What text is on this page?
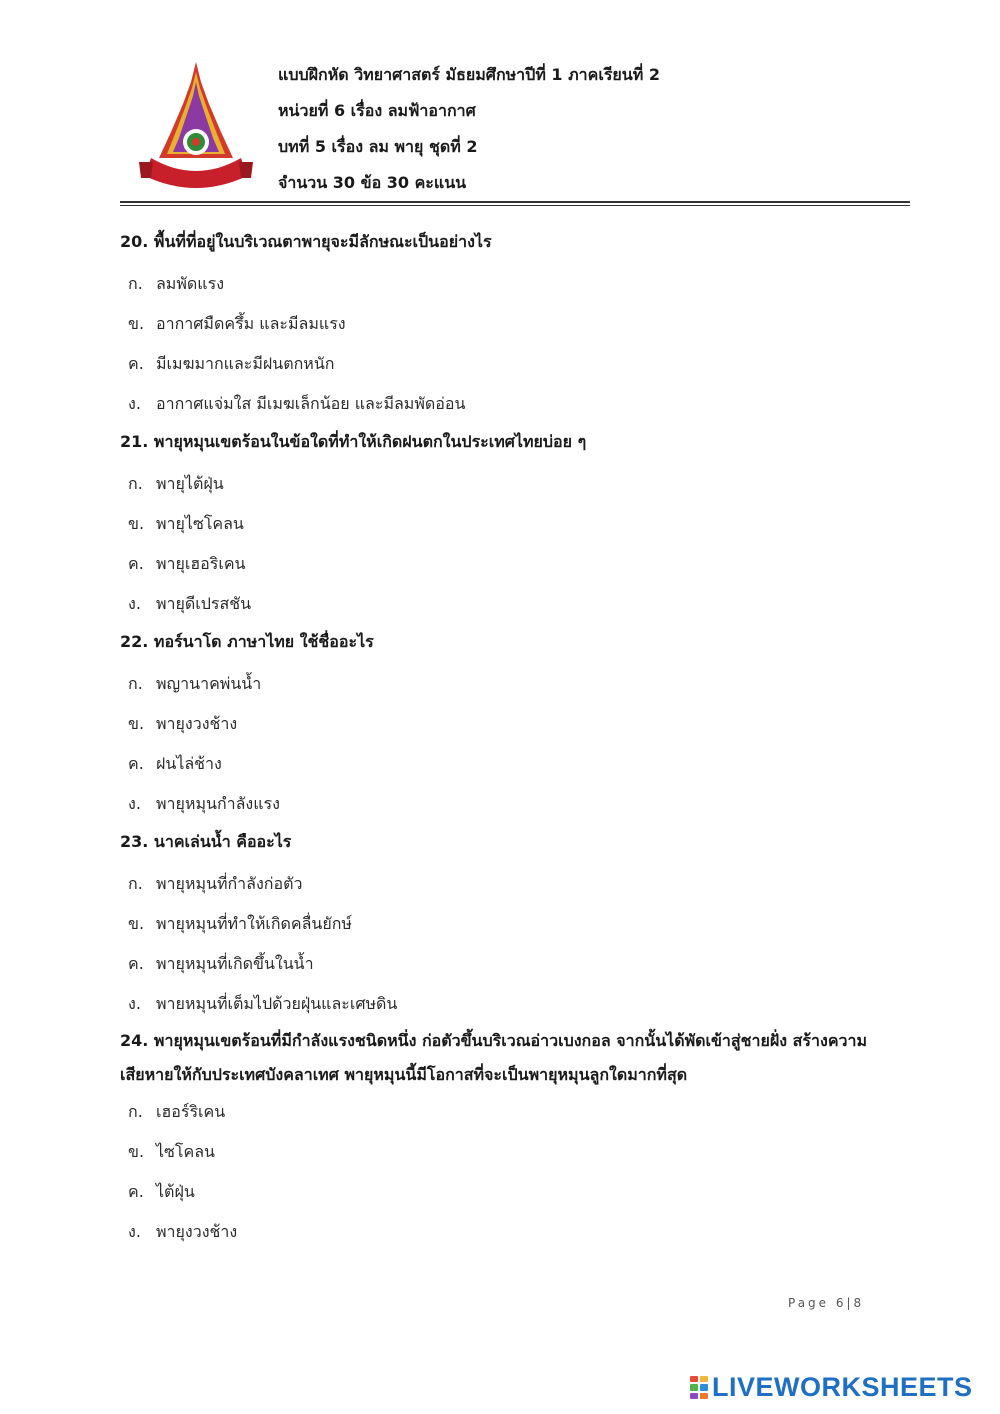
แบบฝึกหัด วิทยาศาสตร์ มัธยมศึกษาปีที่ 1 ภาคเรียนที่ 2
หน่วยที่ 6 เรื่อง ลมฟ้าอากาศ
บทที่ 5 เรื่อง ลม พายุ ชุดที่ 2
จำนวน 30 ข้อ 30 คะแนน
20. พื้นที่ที่อยู่ในบริเวณตาพายุจะมีลักษณะเป็นอย่างไร
ก. ลมพัดแรง
ข. อากาศมืดครึ้ม และมีลมแรง
ค. มีเมฆมากและมีฝนตกหนัก
ง. อากาศแจ่มใส มีเมฆเล็กน้อย และมีลมพัดอ่อน
21. พายุหมุนเขตร้อนในข้อใดที่ทำให้เกิดฝนตกในประเทศไทยบ่อย ๆ
ก. พายุไต้ฝุ่น
ข. พายุไซโคลน
ค. พายุเฮอริเคน
ง. พายุดีเปรสชัน
22. ทอร์นาโด ภาษาไทย ใช้ชื่ออะไร
ก. พญานาคพ่นน้ำ
ข. พายุงวงช้าง
ค. ฝนไล่ช้าง
ง. พายุหมุนกำลังแรง
23. นาคเล่นน้ำ คืออะไร
ก. พายุหมุนที่กำลังก่อตัว
ข. พายุหมุนที่ทำให้เกิดคลื่นยักษ์
ค. พายุหมุนที่เกิดขึ้นในน้ำ
ง. พายหมุนที่เต็มไปด้วยฝุ่นและเศษดิน
24. พายุหมุนเขตร้อนที่มีกำลังแรงชนิดหนึ่ง ก่อตัวขึ้นบริเวณอ่าวเบงกอล จากนั้นได้พัดเข้าสู่ชายฝั่ง สร้างความเสียหายให้กับประเทศบังคลาเทศ พายุหมุนนี้มีโอกาสที่จะเป็นพายุหมุนลูกใดมากที่สุด
ก. เฮอร์ริเคน
ข. ไซโคลน
ค. ไต้ฝุ่น
ง. พายุงวงช้าง
Page 6|8
LIVEWORKSHEETS
